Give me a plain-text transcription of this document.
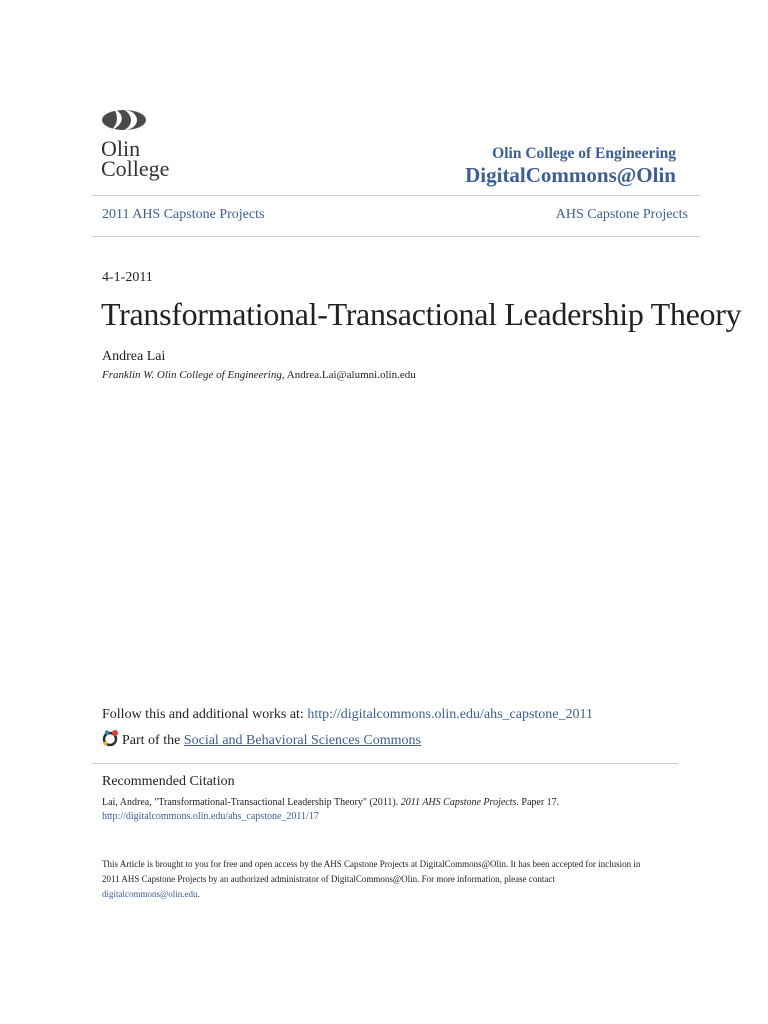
Olin
College
Olin College of Engineering
DigitalCommons@Olin
2011 AHS Capstone Projects	AHS Capstone Projects
4-1-2011
Transformational-Transactional Leadership Theory
Andrea Lai
Franklin W. Olin College of Engineering, Andrea.Lai@alumni.olin.edu
Follow this and additional works at: http://digitalcommons.olin.edu/ahs_capstone_2011
Part of the Social and Behavioral Sciences Commons
Recommended Citation
Lai, Andrea, "Transformational-Transactional Leadership Theory" (2011). 2011 AHS Capstone Projects. Paper 17.
http://digitalcommons.olin.edu/ahs_capstone_2011/17
This Article is brought to you for free and open access by the AHS Capstone Projects at DigitalCommons@Olin. It has been accepted for inclusion in
2011 AHS Capstone Projects by an authorized administrator of DigitalCommons@Olin. For more information, please contact
digitalcommons@olin.edu.
